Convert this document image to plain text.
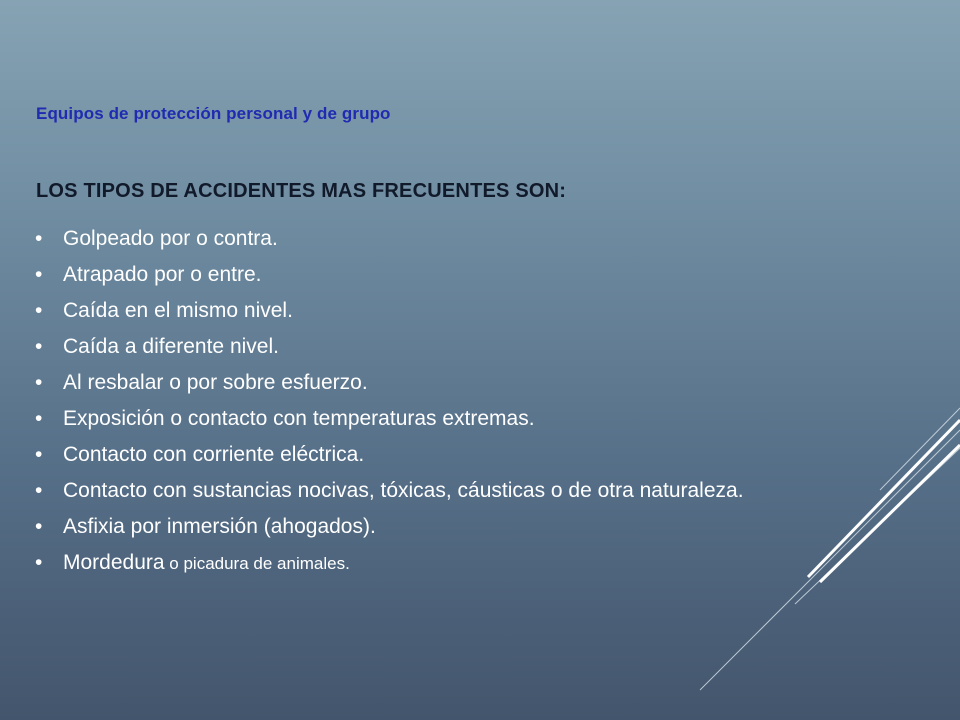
Equipos de protección personal y de grupo
LOS TIPOS DE ACCIDENTES MAS FRECUENTES SON:
• Golpeado por o contra.
• Atrapado por o entre.
• Caída en el mismo nivel.
• Caída a diferente nivel.
• Al resbalar o por sobre esfuerzo.
• Exposición o contacto con temperaturas extremas.
• Contacto con corriente eléctrica.
• Contacto con sustancias nocivas, tóxicas, cáusticas o de otra naturaleza.
• Asfixia por inmersión (ahogados).
• Mordedura o picadura de animales.
